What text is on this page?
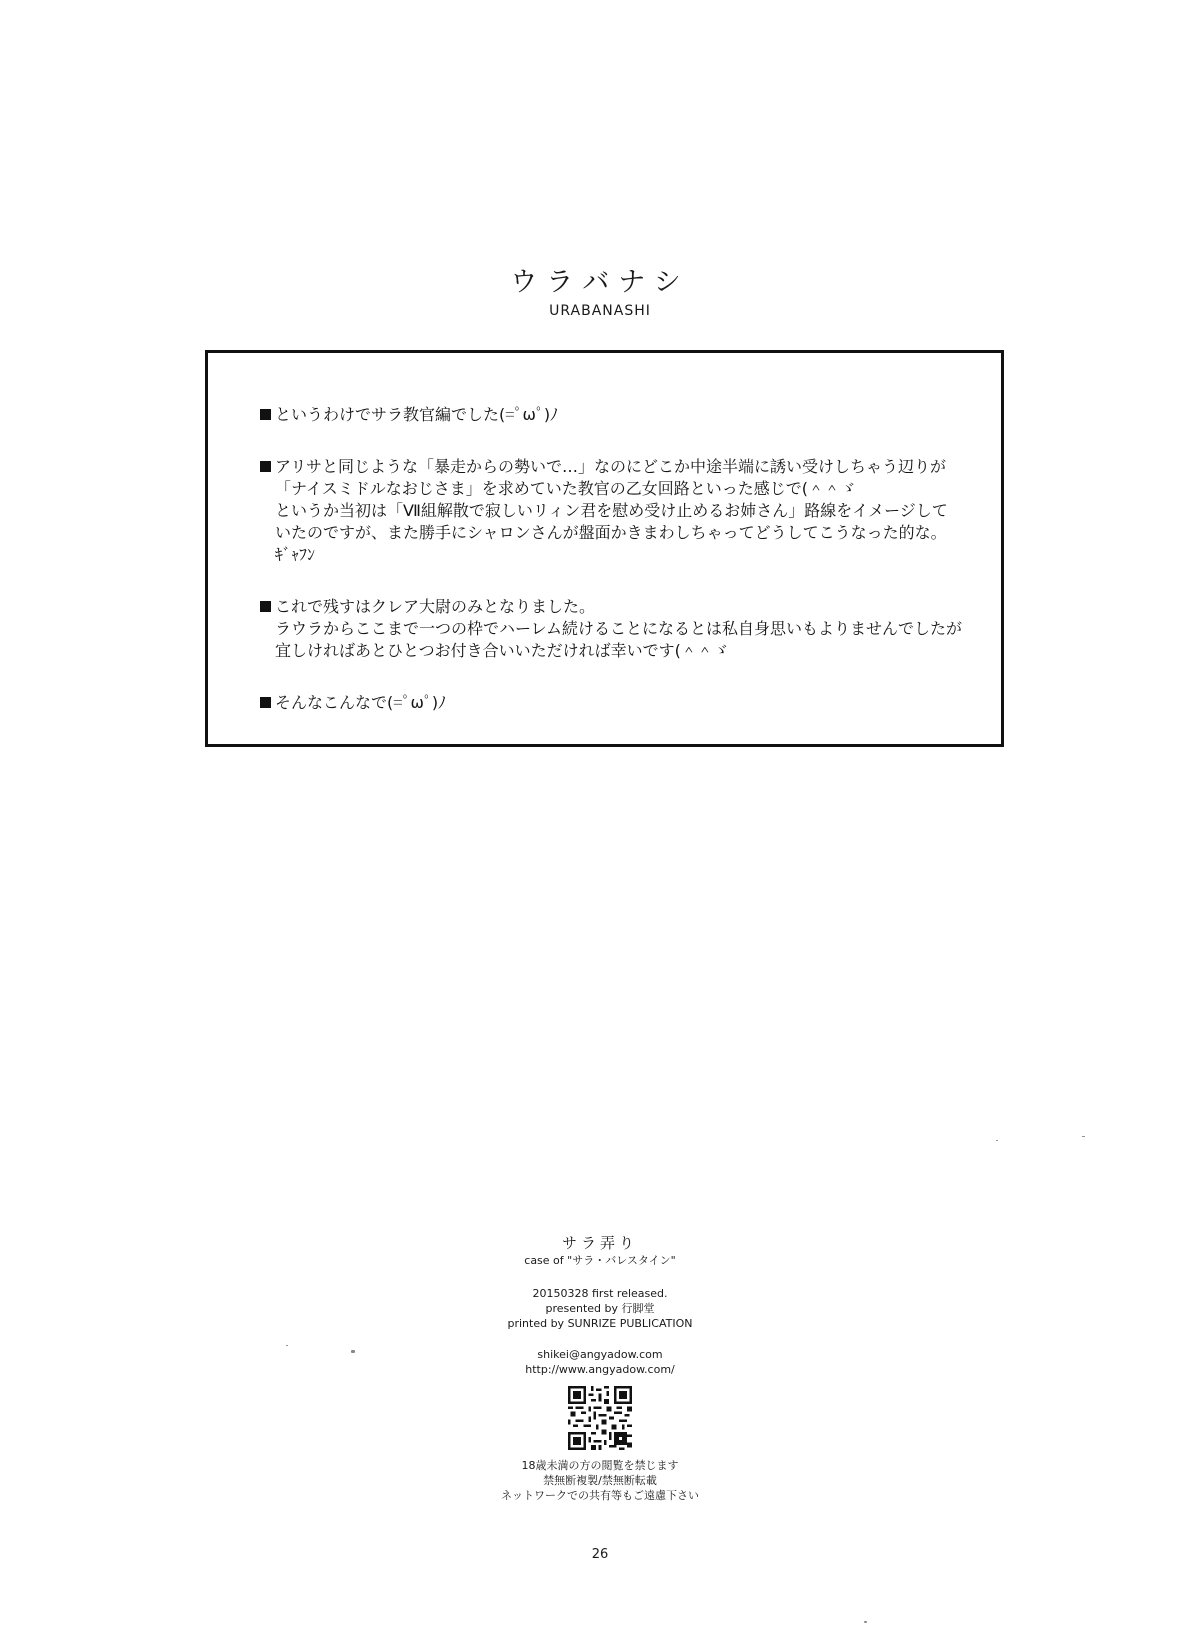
ウラバナシ
URABANASHI
というわけでサラ教官編でした(=ﾟωﾟ)ﾉ
アリサと同じような「暴走からの勢いで…」なのにどこか中途半端に誘い受けしちゃう辺りが
「ナイスミドルなおじさま」を求めていた教官の乙女回路といった感じで(＾＾ゞ
というか当初は「Ⅶ組解散で寂しいリィン君を慰め受け止めるお姉さん」路線をイメージして
いたのですが、また勝手にシャロンさんが盤面かきまわしちゃってどうしてこうなった的な。
ｷﾞｬﾌﾝ
これで残すはクレア大尉のみとなりました。
ラウラからここまで一つの枠でハーレム続けることになるとは私自身思いもよりませんでしたが
宜しければあとひとつお付き合いいただければ幸いです(＾＾ゞ
そんなこんなで(=ﾟωﾟ)ﾉ
サラ弄り
case of "サラ・バレスタイン"
20150328 first released.
presented by 行脚堂
printed by SUNRIZE PUBLICATION
shikei@angyadow.com
http://www.angyadow.com/
18歳未満の方の閲覧を禁じます
禁無断複製/禁無断転載
ネットワークでの共有等もご遠慮下さい
26
